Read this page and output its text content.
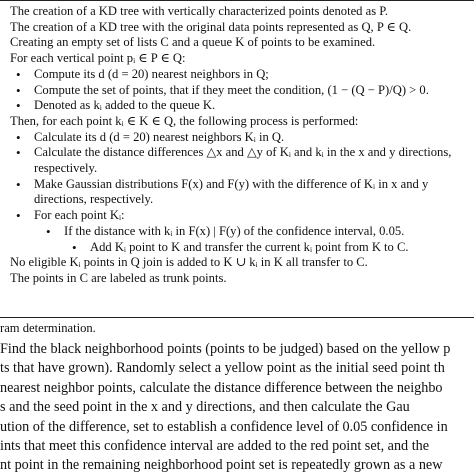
The creation of a KD tree with vertically characterized points denoted as P.
The creation of a KD tree with the original data points represented as Q, P ∈ Q.
Creating an empty set of lists C and a queue K of points to be examined.
For each vertical point pᵢ ∈ P ∈ Q:
• Compute its d (d = 20) nearest neighbors in Q;
• Compute the set of points, that if they meet the condition, (1 − (Q − P)/Q) > 0.
• Denoted as kᵢ added to the queue K.
Then, for each point kᵢ ∈ K ∈ Q, the following process is performed:
• Calculate its d (d = 20) nearest neighbors Kᵢ in Q.
• Calculate the distance differences △x and △y of Kᵢ and kᵢ in the x and y directions,
respectively.
• Make Gaussian distributions F(x) and F(y) with the difference of Kᵢ in x and y
directions, respectively.
• For each point Kᵢ:
• If the distance with kᵢ in F(x) | F(y) of the confidence interval, 0.05.
• Add Kᵢ point to K and transfer the current kᵢ point from K to C.
No eligible Kᵢ points in Q join is added to K ∪ kᵢ in K all transfer to C.
The points in C are labeled as trunk points.
ram determination.
Find the black neighborhood points (points to be judged) based on the yellow p
ts that have grown). Randomly select a yellow point as the initial seed point th
nearest neighbor points, calculate the distance difference between the neighbo
s and the seed point in the x and y directions, and then calculate the Gau
ution of the difference, set to establish a confidence level of 0.05 confidence in
ints that meet this confidence interval are added to the red point set, and the
nt point in the remaining neighborhood point set is repeatedly grown as a new
